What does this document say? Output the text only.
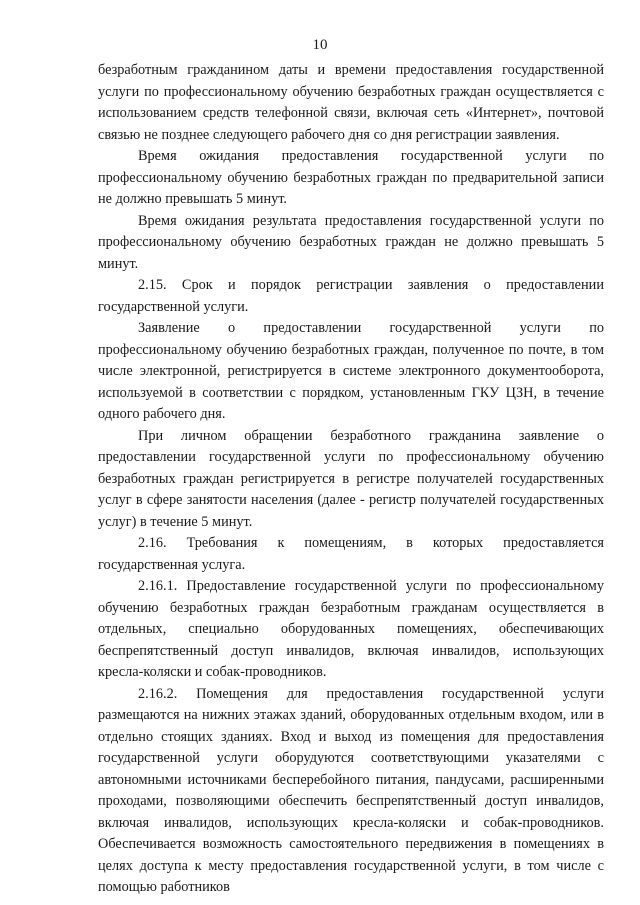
10

безработным гражданином даты и времени предоставления государственной услуги по профессиональному обучению безработных граждан осуществляется с использованием средств телефонной связи, включая сеть «Интернет», почтовой связью не позднее следующего рабочего дня со дня регистрации заявления.

Время ожидания предоставления государственной услуги по профессиональному обучению безработных граждан по предварительной записи не должно превышать 5 минут.

Время ожидания результата предоставления государственной услуги по профессиональному обучению безработных граждан не должно превышать 5 минут.

2.15. Срок и порядок регистрации заявления о предоставлении государственной услуги.

Заявление о предоставлении государственной услуги по профессиональному обучению безработных граждан, полученное по почте, в том числе электронной, регистрируется в системе электронного документооборота, используемой в соответствии с порядком, установленным ГКУ ЦЗН, в течение одного рабочего дня.

При личном обращении безработного гражданина заявление о предоставлении государственной услуги по профессиональному обучению безработных граждан регистрируется в регистре получателей государственных услуг в сфере занятости населения (далее - регистр получателей государственных услуг) в течение 5 минут.

2.16. Требования к помещениям, в которых предоставляется государственная услуга.

2.16.1. Предоставление государственной услуги по профессиональному обучению безработных граждан безработным гражданам осуществляется в отдельных, специально оборудованных помещениях, обеспечивающих беспрепятственный доступ инвалидов, включая инвалидов, использующих кресла-коляски и собак-проводников.

2.16.2. Помещения для предоставления государственной услуги размещаются на нижних этажах зданий, оборудованных отдельным входом, или в отдельно стоящих зданиях. Вход и выход из помещения для предоставления государственной услуги оборудуются соответствующими указателями с автономными источниками бесперебойного питания, пандусами, расширенными проходами, позволяющими обеспечить беспрепятственный доступ инвалидов, включая инвалидов, использующих кресла-коляски и собак-проводников. Обеспечивается возможность самостоятельного передвижения в помещениях в целях доступа к месту предоставления государственной услуги, в том числе с помощью работников
